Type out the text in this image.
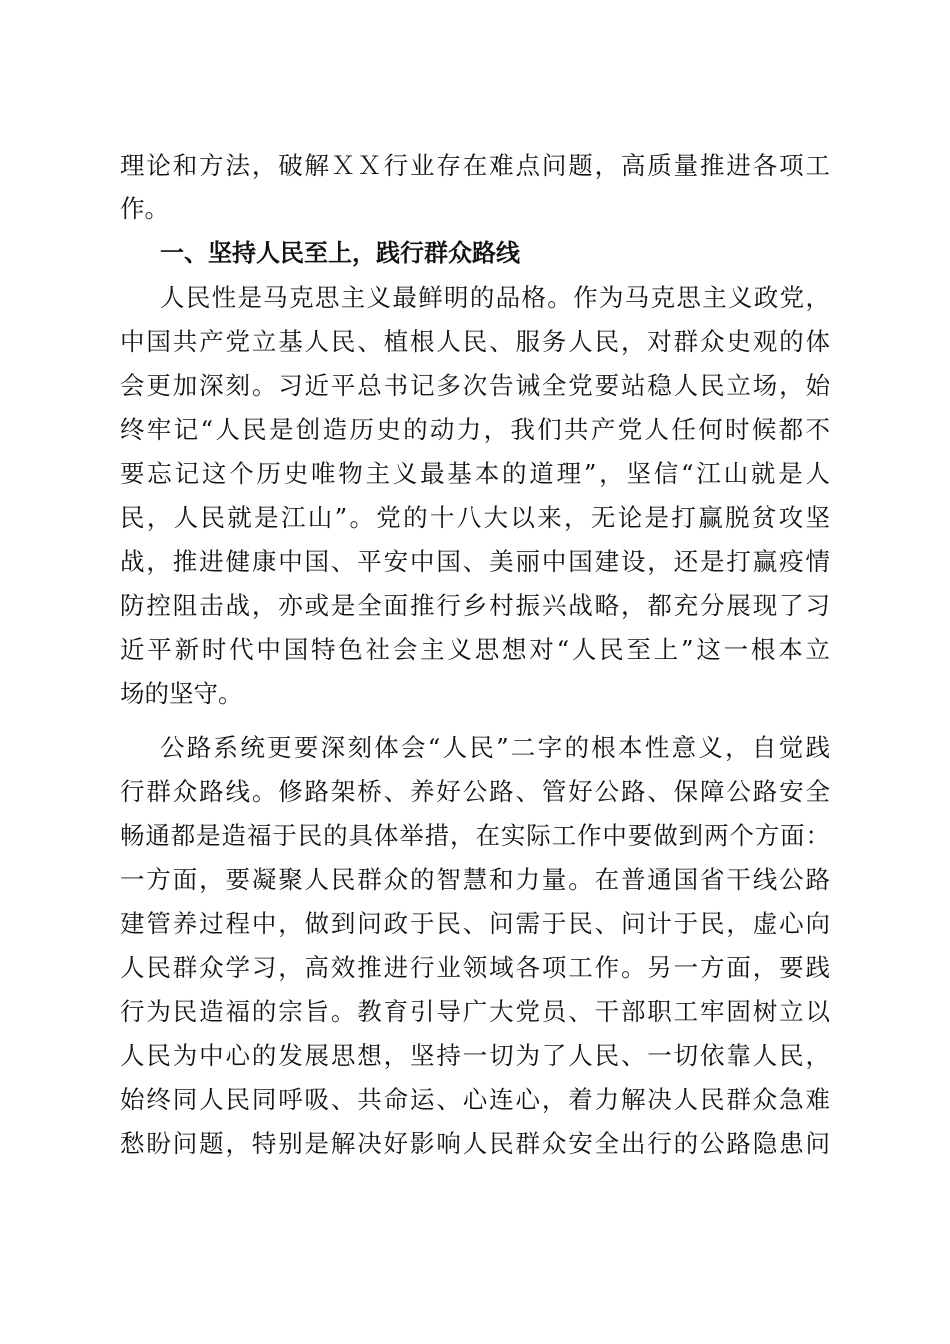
理论和方法，破解ＸＸ行业存在难点问题，高质量推进各项工
作。
一、坚持人民至上，践行群众路线
人民性是马克思主义最鲜明的品格。作为马克思主义政党，
中国共产党立基人民、植根人民、服务人民，对群众史观的体
会更加深刻。习近平总书记多次告诫全党要站稳人民立场，始
终牢记“人民是创造历史的动力，我们共产党人任何时候都不
要忘记这个历史唯物主义最基本的道理”，坚信“江山就是人
民，人民就是江山”。党的十八大以来，无论是打赢脱贫攻坚
战，推进健康中国、平安中国、美丽中国建设，还是打赢疫情
防控阻击战，亦或是全面推行乡村振兴战略，都充分展现了习
近平新时代中国特色社会主义思想对“人民至上”这一根本立
场的坚守。
公路系统更要深刻体会“人民”二字的根本性意义，自觉践
行群众路线。修路架桥、养好公路、管好公路、保障公路安全
畅通都是造福于民的具体举措，在实际工作中要做到两个方面：
一方面，要凝聚人民群众的智慧和力量。在普通国省干线公路
建管养过程中，做到问政于民、问需于民、问计于民，虚心向
人民群众学习，高效推进行业领域各项工作。另一方面，要践
行为民造福的宗旨。教育引导广大党员、干部职工牢固树立以
人民为中心的发展思想，坚持一切为了人民、一切依靠人民，
始终同人民同呼吸、共命运、心连心，着力解决人民群众急难
愁盼问题，特别是解决好影响人民群众安全出行的公路隐患问
